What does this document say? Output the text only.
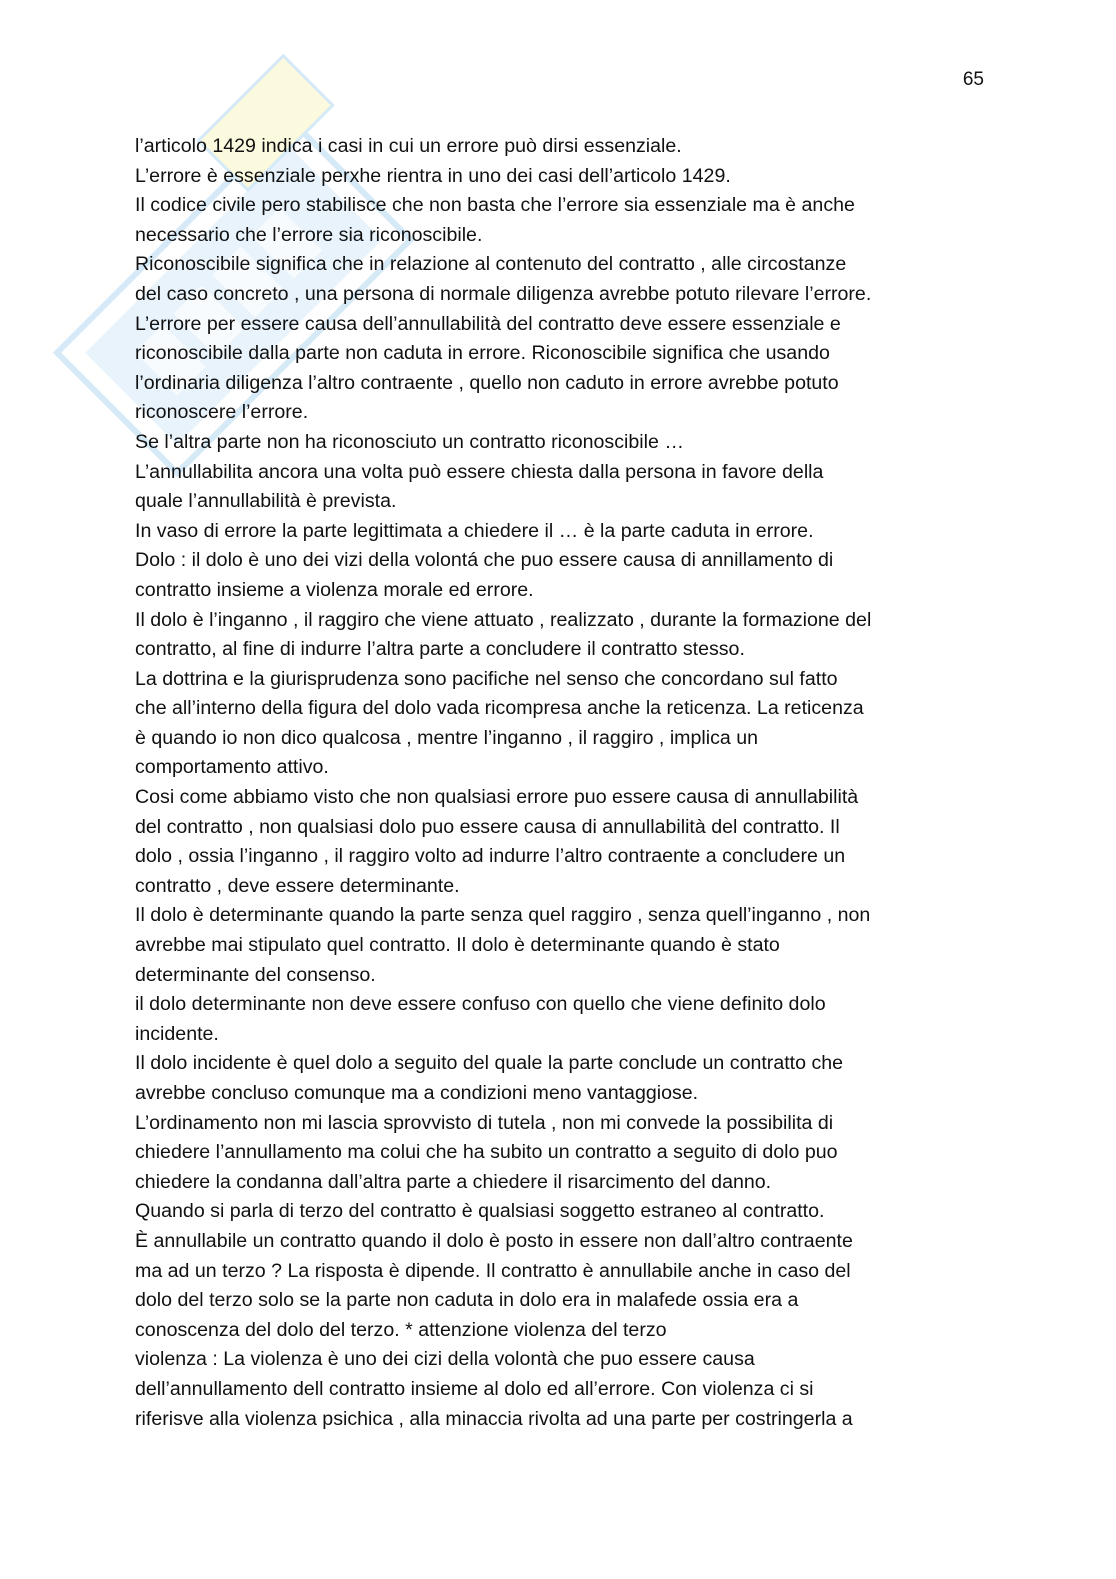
65
l’articolo 1429 indica i casi in cui un errore può dirsi essenziale.
L’errore è essenziale perxhe rientra in uno dei casi dell’articolo 1429.
Il codice civile pero stabilisce che non basta che l’errore sia essenziale ma è anche
necessario che l’errore sia riconoscibile.
Riconoscibile significa che in relazione al contenuto del contratto , alle circostanze
del caso concreto , una persona di normale diligenza avrebbe potuto rilevare l’errore.
L’errore per essere causa dell’annullabilità del contratto deve essere essenziale e
riconoscibile dalla parte non caduta in errore. Riconoscibile significa che usando
l’ordinaria diligenza l’altro contraente , quello non caduto in errore avrebbe potuto
riconoscere l’errore.
Se l’altra parte non ha riconosciuto un contratto riconoscibile …
L’annullabilita ancora una volta può essere chiesta dalla persona in favore della
quale l’annullabilità è prevista.
In vaso di errore la parte legittimata a chiedere il … è la parte caduta in errore.
Dolo : il dolo è uno dei vizi della volontá che puo essere causa di annillamento di
contratto insieme a violenza morale ed errore.
Il dolo è l’inganno , il raggiro che viene attuato , realizzato , durante la formazione del
contratto, al fine di indurre l’altra parte a concludere il contratto stesso.
La dottrina e la giurisprudenza sono pacifiche nel senso che concordano sul fatto
che all’interno della figura del dolo vada ricompresa anche la reticenza. La reticenza
è quando io non dico qualcosa , mentre l’inganno , il raggiro , implica un
comportamento attivo.
Cosi come abbiamo visto che non qualsiasi errore puo essere causa di annullabilità
del contratto , non qualsiasi dolo puo essere causa di annullabilità del contratto. Il
dolo , ossia l’inganno , il raggiro volto ad indurre l’altro contraente a concludere un
contratto , deve essere determinante.
Il dolo è determinante quando la parte senza quel raggiro , senza quell’inganno , non
avrebbe mai stipulato quel contratto. Il dolo è determinante quando è stato
determinante del consenso.
il dolo determinante non deve essere confuso con quello che viene definito dolo
incidente.
Il dolo incidente è quel dolo a seguito del quale la parte conclude un contratto che
avrebbe concluso comunque ma a condizioni meno vantaggiose.
L’ordinamento non mi lascia sprovvisto di tutela , non mi convede la possibilita di
chiedere l’annullamento ma colui che ha subito un contratto a seguito di dolo puo
chiedere la condanna dall’altra parte a chiedere il risarcimento del danno.
Quando si parla di terzo del contratto è qualsiasi soggetto estraneo al contratto.
È annullabile un contratto quando il dolo è posto in essere non dall’altro contraente
ma ad un terzo ? La risposta è dipende. Il contratto è annullabile anche in caso del
dolo del terzo solo se la parte non caduta in dolo era in malafede ossia era a
conoscenza del dolo del terzo. * attenzione violenza del terzo
violenza : La violenza è uno dei cizi della volontà che puo essere causa
dell’annullamento dell contratto insieme al dolo ed all’errore. Con violenza ci si
riferisve alla violenza psichica , alla minaccia rivolta ad una parte per costringerla a
